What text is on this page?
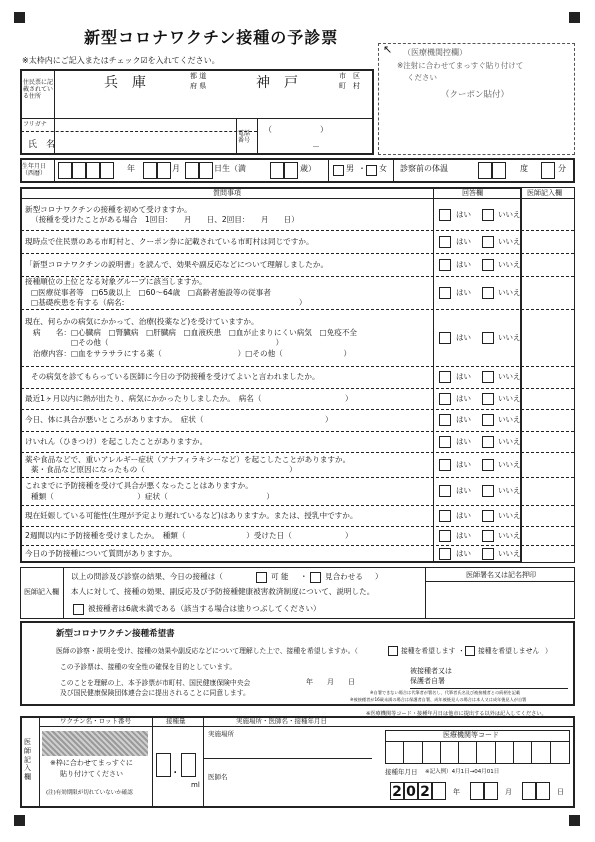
新型コロナワクチン接種の予診票
※太枠内にご記入またはチェック☑を入れてください。
（医療機関控欄）
※注射に合わせてまっすぐ貼り付けて
ください
（クーポン貼付）
↖
住民票に記載されている住所
兵　庫	都 道
府 県	神　戸	市　区
町　村
フリガナ
氏　名
電話番号
（　　　　　　）
－
生年月日（西暦）
年	月	日生（満	歳）	男 ・ 女 診察前の体温	度	分
質問事項	回答欄	医師記入欄
新型コロナワクチンの接種を初めて受けますか。
（接種を受けたことがある場合　1回目：　　月　　日、2回目：　　月　　日）
はい	いいえ
現時点で住民票のある市町村と、クーポン券に記載されている市町村は同じですか。	はい	いいえ
「新型コロナワクチンの説明書」を読んで、効果や副反応などについて理解しましたか。	はい	いいえ
接種順位の上位となる対象グループに該当しますか。
□医療従事者等　□65歳以上　□60〜64歳　□高齢者施設等の従事者
□基礎疾患を有する（病名:　　　　　　　　　　　　　　　　　　　　　　　）
はい	いいえ
現在、何らかの病気にかかって、治療(投薬など)を受けていますか。
病　　名：□心臓病　□腎臓病　□肝臓病　□血液疾患　□血が止まりにくい病気　□免疫不全
　　　　　□その他（　　　　　　　　　　　　　　　　　　　　　　）
治療内容：□血をサラサラにする薬（　　　　　　　　　　）□その他（　　　　　　　　）
はい	いいえ
その病気を診てもらっている医師に今日の予防接種を受けてよいと言われましたか。	はい	いいえ
最近1ヶ月以内に熱が出たり、病気にかかったりしましたか。　病名（　　　　　　　　　　　）	はい	いいえ
今日、体に具合が悪いところがありますか。　症状（　　　　　　　　　　　　　　　　）	はい	いいえ
けいれん（ひきつけ）を起こしたことがありますか。	はい	いいえ
薬や食品などで、重いアレルギー症状（アナフィラキシーなど）を起こしたことがありますか。
薬・食品など原因になったもの（　　　　　　　　　　　　　　　　　　　）
はい	いいえ
これまでに予防接種を受けて具合が悪くなったことはありますか。
種類（　　　　　　　　　　　）症状（　　　　　　　　　　　　　）
はい	いいえ
現在妊娠している可能性(生理が予定より遅れているなど)はありますか。または、授乳中ですか。	はい	いいえ
2週間以内に予防接種を受けましたか。　種類（　　　　　　　　）受けた日（　　　　　　　）	はい	いいえ
今日の予防接種について質問がありますか。	はい	いいえ
医師記入欄
以上の問診及び診察の結果、今日の接種は（	可 能 ・ 見合わせる ）
本人に対して、接種の効果、副反応及び予防接種健康被害救済制度について、説明した。
被接種者は6歳未満である（該当する場合は塗りつぶしてください）
医師署名又は記名押印
新型コロナワクチン接種希望書
医師の診察・説明を受け、接種の効果や副反応などについて理解した上で、接種を希望しますか。（	接種を希望します ・ 接種を希望しません ）
この予診票は、接種の安全性の確保を目的としています。
このことを理解の上、本予診票が市町村、国民健康保険中央会
及び国民健康保険団体連合会に提出されることに同意します。
年　　月　　日
被接種者又は
保護者自署
※自署できない場合は代筆者が署名し、代筆者氏名及び被接種者との続柄を記載
※被接種者が16歳未満の場合は保護者自署、成年被後見人の場合は本人又は成年後見人が自署
※医療機関等コード・接種年月日は他市に提出する以外は記入してください。
医師記入欄
ワクチン名・ロット番号	接種量	実施場所・医師名・接種年月日
※枠に合わせてまっすぐに
貼り付けてください
(注)有効期限が切れていないか確認
.
ml
実施場所
医師名
医療機関等コード
接種年月日 ※記入例）4月1日→04月01日
2 0 2	年	月	日
